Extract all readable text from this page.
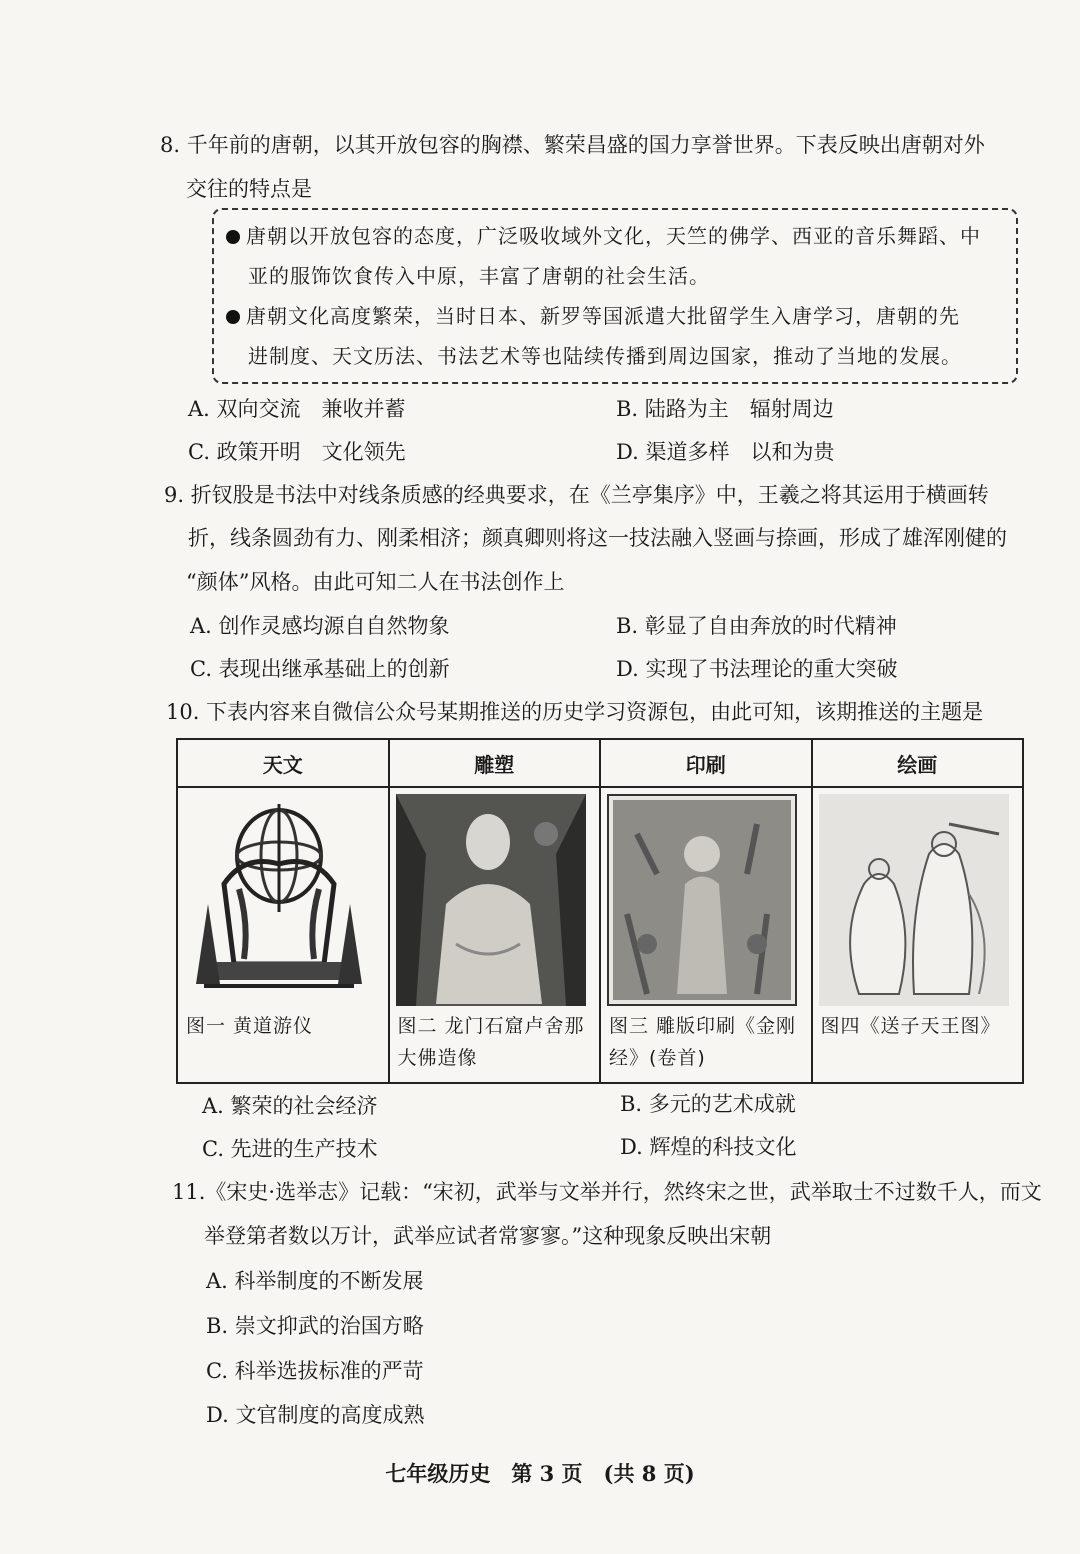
8. 千年前的唐朝，以其开放包容的胸襟、繁荣昌盛的国力享誉世界。下表反映出唐朝对外
交往的特点是
唐朝以开放包容的态度，广泛吸收域外文化，天竺的佛学、西亚的音乐舞蹈、中
亚的服饰饮食传入中原，丰富了唐朝的社会生活。
唐朝文化高度繁荣，当时日本、新罗等国派遣大批留学生入唐学习，唐朝的先
进制度、天文历法、书法艺术等也陆续传播到周边国家，推动了当地的发展。
A. 双向交流　兼收并蓄	B. 陆路为主　辐射周边
C. 政策开明　文化领先	D. 渠道多样　以和为贵
9. 折钗股是书法中对线条质感的经典要求，在《兰亭集序》中，王羲之将其运用于横画转
折，线条圆劲有力、刚柔相济；颜真卿则将这一技法融入竖画与捺画，形成了雄浑刚健的
“颜体”风格。由此可知二人在书法创作上
A. 创作灵感均源自自然物象	B. 彰显了自由奔放的时代精神
C. 表现出继承基础上的创新	D. 实现了书法理论的重大突破
10. 下表内容来自微信公众号某期推送的历史学习资源包，由此可知，该期推送的主题是
天文	雕塑	印刷	绘画

图一 黄道游仪	图二 龙门石窟卢舍那大佛造像	图三 雕版印刷《金刚经》(卷首)	图四《送子天王图》
A. 繁荣的社会经济	B. 多元的艺术成就
C. 先进的生产技术	D. 辉煌的科技文化
11.《宋史·选举志》记载：“宋初，武举与文举并行，然终宋之世，武举取士不过数千人，而文
举登第者数以万计，武举应试者常寥寥。”这种现象反映出宋朝
A. 科举制度的不断发展
B. 崇文抑武的治国方略
C. 科举选拔标准的严苛
D. 文官制度的高度成熟
七年级历史　第 3 页　(共 8 页)
